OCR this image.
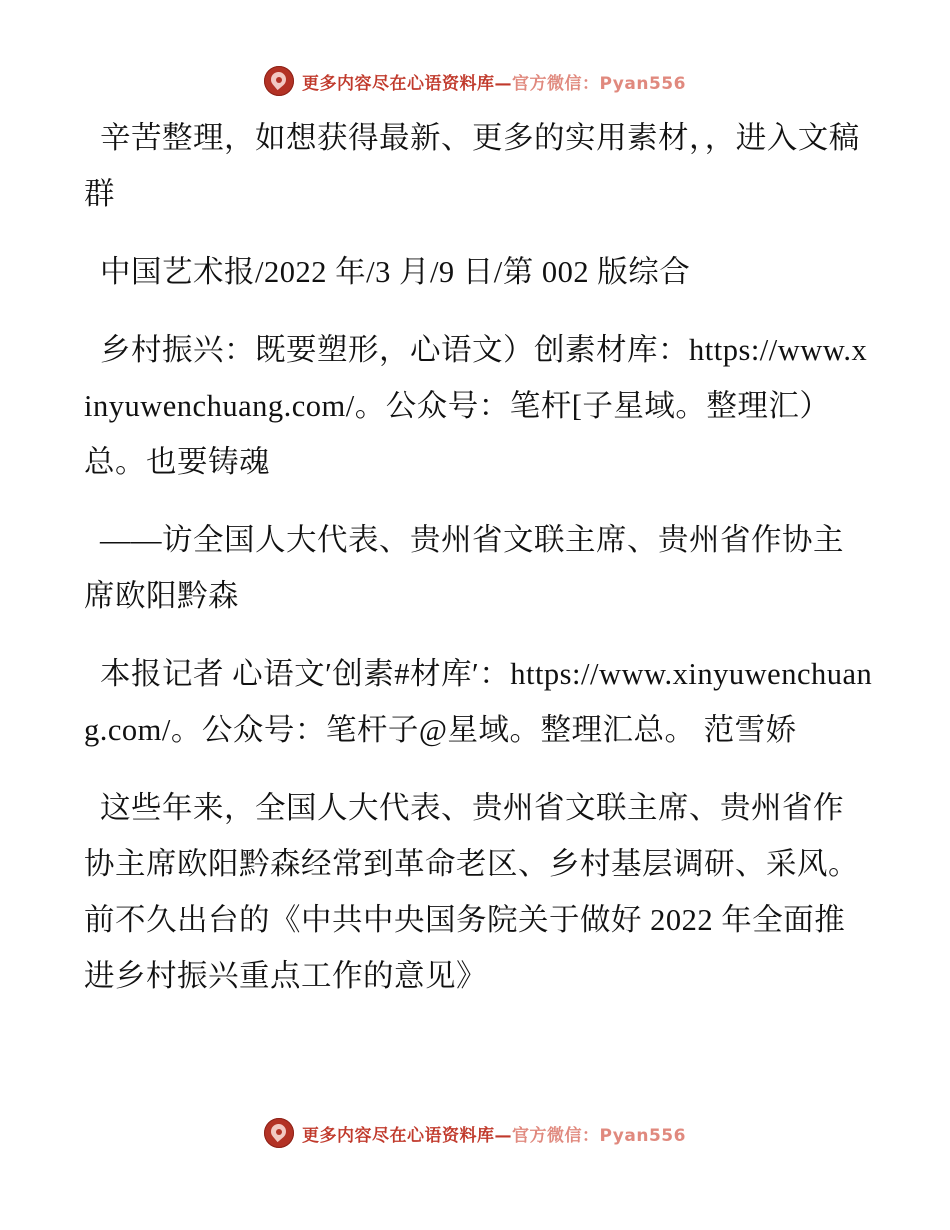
更多内容尽在心语资料库—官方微信：Pyan556

辛苦整理，如想获得最新、更多的实用素材，，进入文稿群

中国艺术报/2022 年/3 月/9 日/第 002 版综合

乡村振兴：既要塑形，心语文）创素材库：https://www.xinyuwenchuang.com/。公众号：笔杆[子星域。整理汇）总。也要铸魂

——访全国人大代表、贵州省文联主席、贵州省作协主席欧阳黔森

本报记者 心语文′创素#材库′：https://www.xinyuwenchuang.com/。公众号：笔杆子@星域。整理汇总。 范雪娇

这些年来，全国人大代表、贵州省文联主席、贵州省作协主席欧阳黔森经常到革命老区、乡村基层调研、采风。前不久出台的《中共中央国务院关于做好 2022 年全面推进乡村振兴重点工作的意见》

更多内容尽在心语资料库—官方微信：Pyan556
